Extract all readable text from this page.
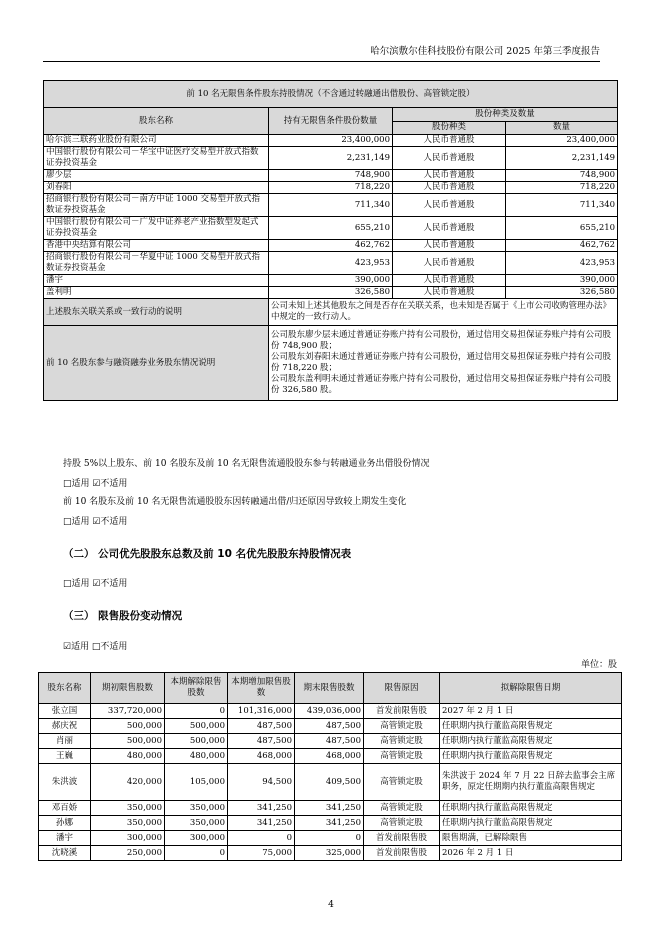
哈尔滨敷尔佳科技股份有限公司 2025 年第三季度报告
前 10 名无限售条件股东持股情况（不含通过转融通出借股份、高管锁定股）			
股东名称	持有无限售条件股份数量	股份种类及数量	
		股份种类	数量
哈尔滨三联药业股份有限公司	23,400,000	人民币普通股	23,400,000
中国银行股份有限公司－华宝中证医疗交易型开放式指数证券投资基金	2,231,149	人民币普通股	2,231,149
廖少层	748,900	人民币普通股	748,900
刘春阳	718,220	人民币普通股	718,220
招商银行股份有限公司－南方中证 1000 交易型开放式指数证券投资基金	711,340	人民币普通股	711,340
中国银行股份有限公司－广发中证养老产业指数型发起式证券投资基金	655,210	人民币普通股	655,210
香港中央结算有限公司	462,762	人民币普通股	462,762
招商银行股份有限公司－华夏中证 1000 交易型开放式指数证券投资基金	423,953	人民币普通股	423,953
潘宇	390,000	人民币普通股	390,000
盖利明	326,580	人民币普通股	326,580
上述股东关联关系或一致行动的说明	公司未知上述其他股东之间是否存在关联关系，也未知是否属于《上市公司收购管理办法》中规定的一致行动人。		
前 10 名股东参与融资融券业务股东情况说明	公司股东廖少层未通过普通证券账户持有公司股份，通过信用交易担保证券账户持有公司股份 748,900 股；
公司股东刘春阳未通过普通证券账户持有公司股份，通过信用交易担保证券账户持有公司股份 718,220 股；
公司股东盖利明未通过普通证券账户持有公司股份，通过信用交易担保证券账户持有公司股份 326,580 股。		
持股 5%以上股东、前 10 名股东及前 10 名无限售流通股股东参与转融通业务出借股份情况
□适用 ☑不适用
前 10 名股东及前 10 名无限售流通股股东因转融通出借/归还原因导致较上期发生变化
□适用 ☑不适用
（二） 公司优先股股东总数及前 10 名优先股股东持股情况表
□适用 ☑不适用
（三） 限售股份变动情况
☑适用 □不适用
单位：股
股东名称	期初限售股数	本期解除限售股数	本期增加限售股数	期末限售股数	限售原因	拟解除限售日期
张立国	337,720,000	0	101,316,000	439,036,000	首发前限售股	2027 年 2 月 1 日
郝庆祝	500,000	500,000	487,500	487,500	高管锁定股	任职期内执行董监高限售规定
肖丽	500,000	500,000	487,500	487,500	高管锁定股	任职期内执行董监高限售规定
王巍	480,000	480,000	468,000	468,000	高管锁定股	任职期内执行董监高限售规定
朱洪波	420,000	105,000	94,500	409,500	高管锁定股	朱洪波于 2024 年 7 月 22 日辞去监事会主席职务，原定任期期内执行董监高限售规定
邓百娇	350,000	350,000	341,250	341,250	高管锁定股	任职期内执行董监高限售规定
孙娜	350,000	350,000	341,250	341,250	高管锁定股	任职期内执行董监高限售规定
潘宇	300,000	300,000	0	0	首发前限售股	限售期满，已解除限售
沈晓溪	250,000	0	75,000	325,000	首发前限售股	2026 年 2 月 1 日
4
